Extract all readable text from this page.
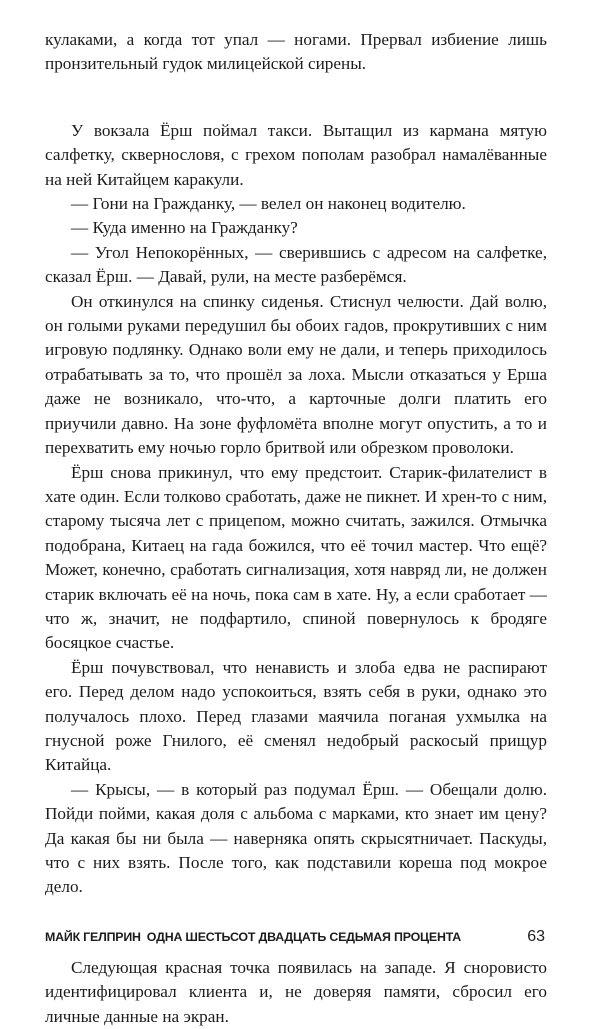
кулаками, а когда тот упал — ногами. Прервал избиение лишь пронзительный гудок милицейской сирены.

У вокзала Ёрш поймал такси. Вытащил из кармана мятую салфетку, сквернословя, с грехом пополам разобрал намалёванные на ней Китайцем каракули.

— Гони на Гражданку, — велел он наконец водителю.

— Куда именно на Гражданку?

— Угол Непокорённых, — сверившись с адресом на салфетке, сказал Ёрш. — Давай, рули, на месте разберёмся.

Он откинулся на спинку сиденья. Стиснул челюсти. Дай волю, он голыми руками передушил бы обоих гадов, прокрутивших с ним игровую подлянку. Однако воли ему не дали, и теперь приходилось отрабатывать за то, что прошёл за лоха. Мысли отказаться у Ерша даже не возникало, что-что, а карточные долги платить его приучили давно. На зоне фуфломёта вполне могут опустить, а то и перехватить ему ночью горло бритвой или обрезком проволоки.

Ёрш снова прикинул, что ему предстоит. Старик-филателист в хате один. Если толково сработать, даже не пикнет. И хрен-то с ним, старому тысяча лет с прицепом, можно считать, зажился. Отмычка подобрана, Китаец на гада божился, что её точил мастер. Что ещё? Может, конечно, сработать сигнализация, хотя навряд ли, не должен старик включать её на ночь, пока сам в хате. Ну, а если сработает — что ж, значит, не подфартило, спиной повернулось к бродяге босяцкое счастье.

Ёрш почувствовал, что ненависть и злоба едва не распирают его. Перед делом надо успокоиться, взять себя в руки, однако это получалось плохо. Перед глазами маячила поганая ухмылка на гнусной роже Гнилого, её сменял недобрый раскосый прищур Китайца.

— Крысы, — в который раз подумал Ёрш. — Обещали долю. Пойди пойми, какая доля с альбома с марками, кто знает им цену? Да какая бы ни была — наверняка опять скрысятничает. Паскуды, что с них взять. После того, как подставили кореша под мокрое дело.

Следующая красная точка появилась на западе. Я сноровисто идентифицировал клиента и, не доверяя памяти, сбросил его личные данные на экран.

МАЙК ГЕЛПРИН ОДНА ШЕСТЬСОТ ДВАДЦАТЬ СЕДЬМАЯ ПРОЦЕНТА	63
